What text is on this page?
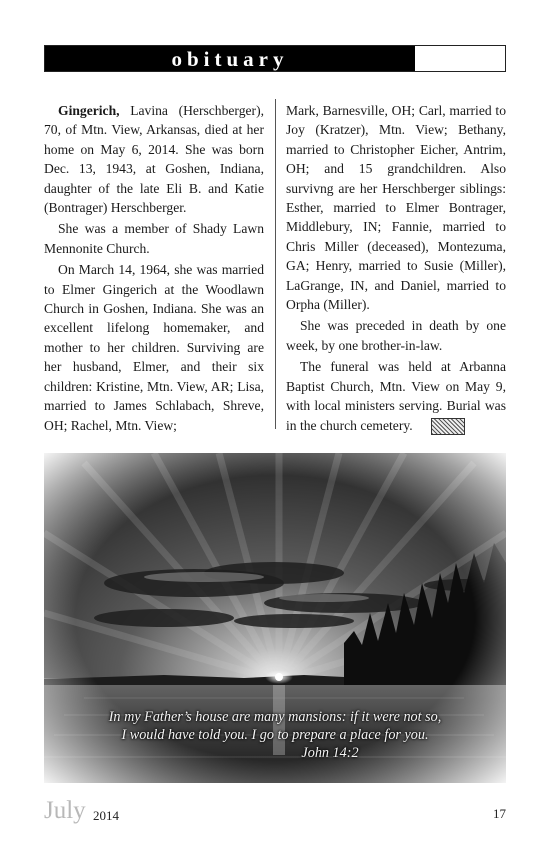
obituary

Gingerich, Lavina (Herschberger), 70, of Mtn. View, Arkansas, died at her home on May 6, 2014. She was born Dec. 13, 1943, at Goshen, Indiana, daughter of the late Eli B. and Katie (Bontrager) Herschberger.

She was a member of Shady Lawn Mennonite Church.

On March 14, 1964, she was married to Elmer Gingerich at the Woodlawn Church in Goshen, Indiana. She was an excellent lifelong homemaker, and mother to her children. Surviving are her husband, Elmer, and their six children: Kristine, Mtn. View, AR; Lisa, married to James Schlabach, Shreve, OH; Rachel, Mtn. View;

Mark, Barnesville, OH; Carl, married to Joy (Kratzer), Mtn. View; Bethany, married to Christopher Eicher, Antrim, OH; and 15 grandchildren. Also survivng are her Herschberger siblings: Esther, married to Elmer Bontrager, Middlebury, IN; Fannie, married to Chris Miller (deceased), Montezuma, GA; Henry, married to Susie (Miller), LaGrange, IN, and Daniel, married to Orpha (Miller).

She was preceded in death by one week, by one brother-in-law.

The funeral was held at Arbanna Baptist Church, Mtn. View on May 9, with local ministers serving. Burial was in the church cemetery.

In my Father’s house are many mansions: if it were not so,
I would have told you. I go to prepare a place for you.
John 14:2
July 2014	17
